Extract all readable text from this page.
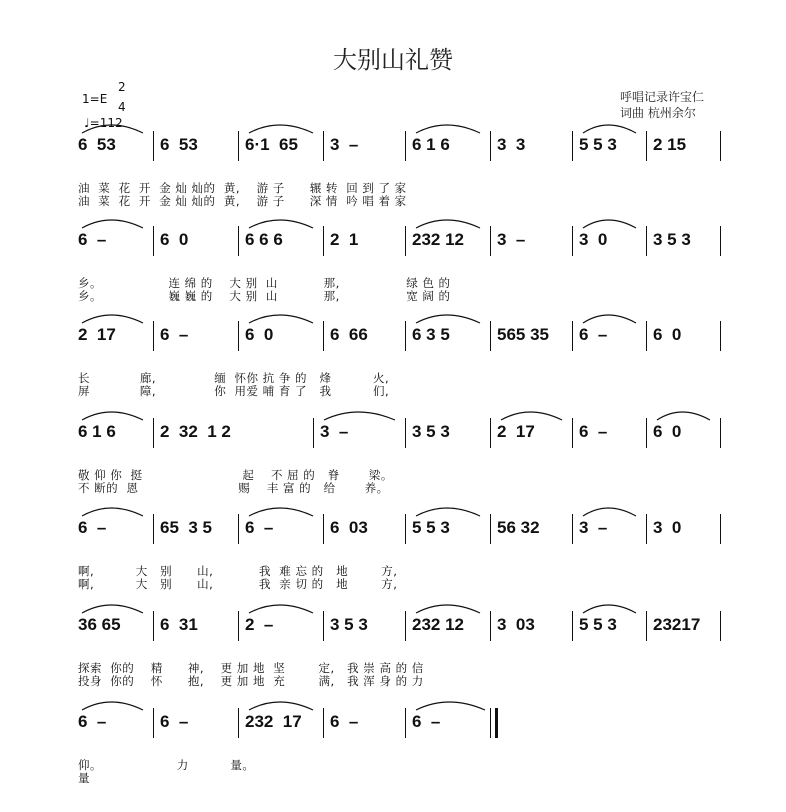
大别山礼赞
呼唱记录许宝仁
词曲 杭州余尔
1=E
2
4
♩=112
6  53	6  53	6·1  65 3  –	6 1 6	3  3	5 5 3 2 15
油  菜  花  开  金 灿 灿的  黄,    游 子      辗 转  回 到 了 家
油  菜  花  开  金 灿 灿的  黄,    游 子      深 情  吟 唱 着 家
6  –	6  0	6 6 6	2  1	232 12 3  –	3  0	3 5 3
乡。                连 绵 的    大 别  山           那,                绿 色 的
乡。                巍 巍 的    大 别  山           那,                宽 阔 的
2  17	6  –	6  0	6  66	6 3 5	565 35 6  –	6  0
长            廊,              缅  怀你 抗 争 的   烽          火,
屏            障,              你  用爱 哺 育 了   我          们,
6 1 6	2  32  1 2	3  –	3 5 3	2  17	6  –	6  0
敬 仰 你  挺                        起    不 屈 的   脊       梁。
不 断的  恩                        赐    丰 富 的   给       养。
6  –	65  3 5 6  –	6  03	5 5 3	56 32 3  –	3  0
啊,          大   别      山,           我  难 忘 的   地        方,
啊,          大   别      山,           我  亲 切 的   地        方,
36 65 6  31	2  –	3 5 3	232 12 3  03	5 5 3 23217
探索  你的    精      神,    更 加 地  坚        定,   我 崇 高 的 信
投身  你的    怀      抱,    更 加 地  充        满,   我 浑 身 的 力
6  –	6  –	232  17 6  –	6  –
仰。                  力          量。
量
